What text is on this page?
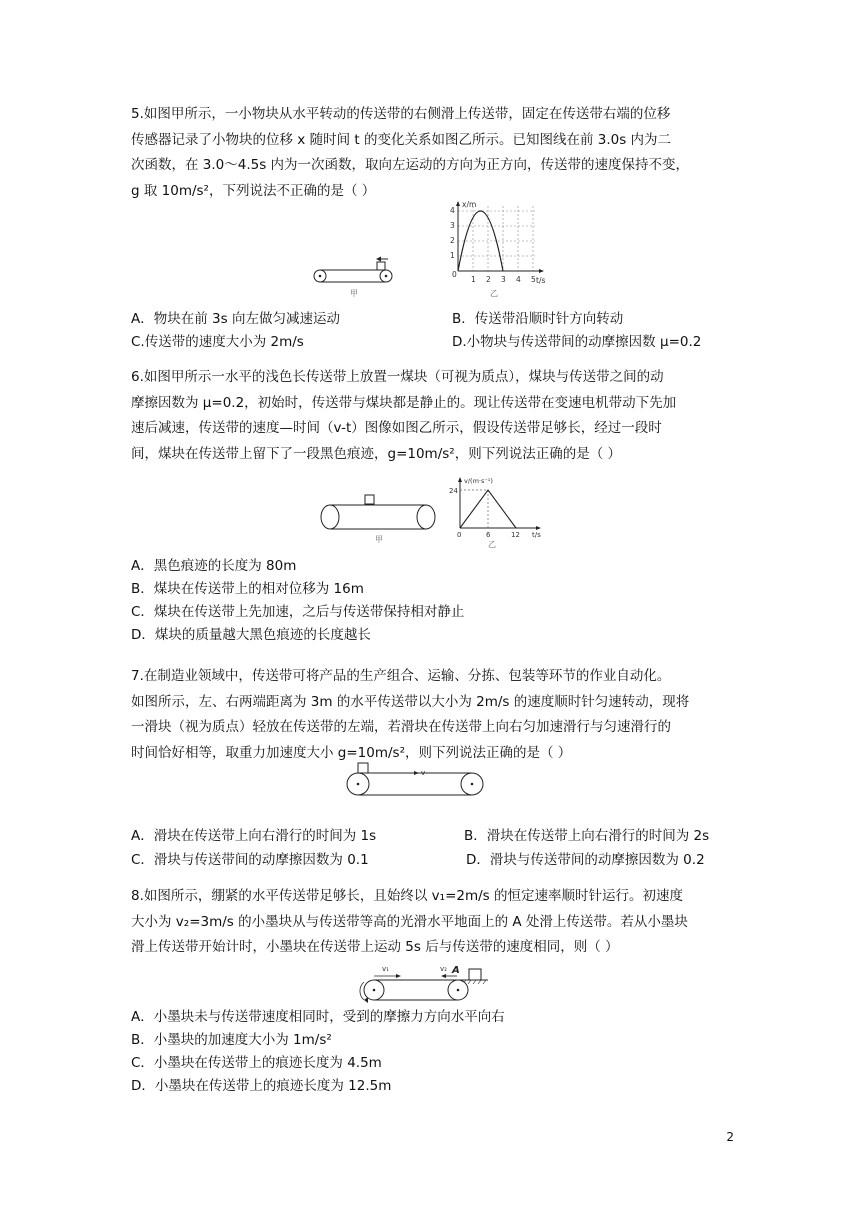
5.如图甲所示，一小物块从水平转动的传送带的右侧滑上传送带，固定在传送带右端的位移
传感器记录了小物块的位移 x 随时间 t 的变化关系如图乙所示。已知图线在前 3.0s 内为二
次函数，在 3.0～4.5s 内为一次函数，取向左运动的方向为正方向，传送带的速度保持不变，
g 取 10m/s²，下列说法不正确的是（ ）

甲
x/m
1
2
3
4
0
1 2 3 4 5 t/s
乙
A．物块在前 3s 向左做匀减速运动	B．传送带沿顺时针方向转动
C.传送带的速度大小为 2m/s	D.小物块与传送带间的动摩擦因数 μ=0.2

6.如图甲所示一水平的浅色长传送带上放置一煤块（可视为质点），煤块与传送带之间的动
摩擦因数为 μ=0.2，初始时，传送带与煤块都是静止的。现让传送带在变速电机带动下先加
速后减速，传送带的速度—时间（v-t）图像如图乙所示，假设传送带足够长，经过一段时
间，煤块在传送带上留下了一段黑色痕迹，g=10m/s²，则下列说法正确的是（ ）

甲
v/(m·s⁻¹)
24
0	6	12 t/s
乙
A．黑色痕迹的长度为 80m
B．煤块在传送带上的相对位移为 16m
C．煤块在传送带上先加速，之后与传送带保持相对静止
D．煤块的质量越大黑色痕迹的长度越长

7.在制造业领域中，传送带可将产品的生产组合、运输、分拣、包装等环节的作业自动化。
如图所示，左、右两端距离为 3m 的水平传送带以大小为 2m/s 的速度顺时针匀速转动，现将
一滑块（视为质点）轻放在传送带的左端，若滑块在传送带上向右匀加速滑行与匀速滑行的
时间恰好相等，取重力加速度大小 g=10m/s²，则下列说法正确的是（ ）

v
A．滑块在传送带上向右滑行的时间为 1s	B．滑块在传送带上向右滑行的时间为 2s
C．滑块与传送带间的动摩擦因数为 0.1	D．滑块与传送带间的动摩擦因数为 0.2

8.如图所示，绷紧的水平传送带足够长，且始终以 v₁=2m/s 的恒定速率顺时针运行。初速度
大小为 v₂=3m/s 的小墨块从与传送带等高的光滑水平地面上的 A 处滑上传送带。若从小墨块
滑上传送带开始计时，小墨块在传送带上运动 5s 后与传送带的速度相同，则（ ）

v₁	v₂ A
A．小墨块未与传送带速度相同时，受到的摩擦力方向水平向右
B．小墨块的加速度大小为 1m/s²
C．小墨块在传送带上的痕迹长度为 4.5m
D．小墨块在传送带上的痕迹长度为 12.5m
2
